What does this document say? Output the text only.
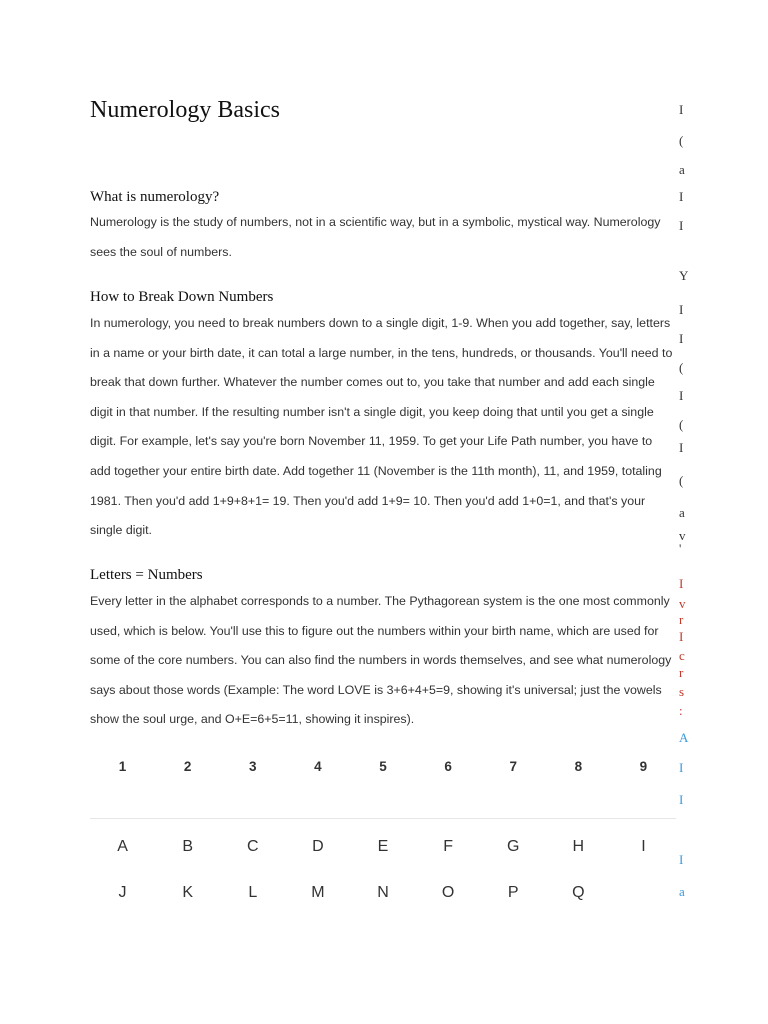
Numerology Basics
What is numerology?

Numerology is the study of numbers, not in a scientific way, but in a symbolic, mystical way. Numerology sees the soul of numbers.

How to Break Down Numbers

In numerology, you need to break numbers down to a single digit, 1-9. When you add together, say, letters in a name or your birth date, it can total a large number, in the tens, hundreds, or thousands. You'll need to break that down further. Whatever the number comes out to, you take that number and add each single digit in that number. If the resulting number isn't a single digit, you keep doing that until you get a single digit. For example, let's say you're born November 11, 1959. To get your Life Path number, you have to add together your entire birth date. Add together 11 (November is the 11th month), 11, and 1959, totaling 1981. Then you'd add 1+9+8+1= 19. Then you'd add 1+9= 10. Then you'd add 1+0=1, and that's your single digit.

Letters = Numbers

Every letter in the alphabet corresponds to a number. The Pythagorean system is the one most commonly used, which is below. You'll use this to figure out the numbers within your birth name, which are used for some of the core numbers. You can also find the numbers in words themselves, and see what numerology says about those words (Example: The word LOVE is 3+6+4+5=9, showing it's universal; just the vowels show the soul urge, and O+E=6+5=11, showing it inspires).

1	2	3	4	5	6	7	8	9

A	B	C	D	E	F	G	H	I
J	K	L	M	N	O	P	Q	
I
(
a
I
I
Y
I
I
(
I
(
I
(
a
v
'
I
v
r
I
c
r
s
:
A
I
I
I
a
